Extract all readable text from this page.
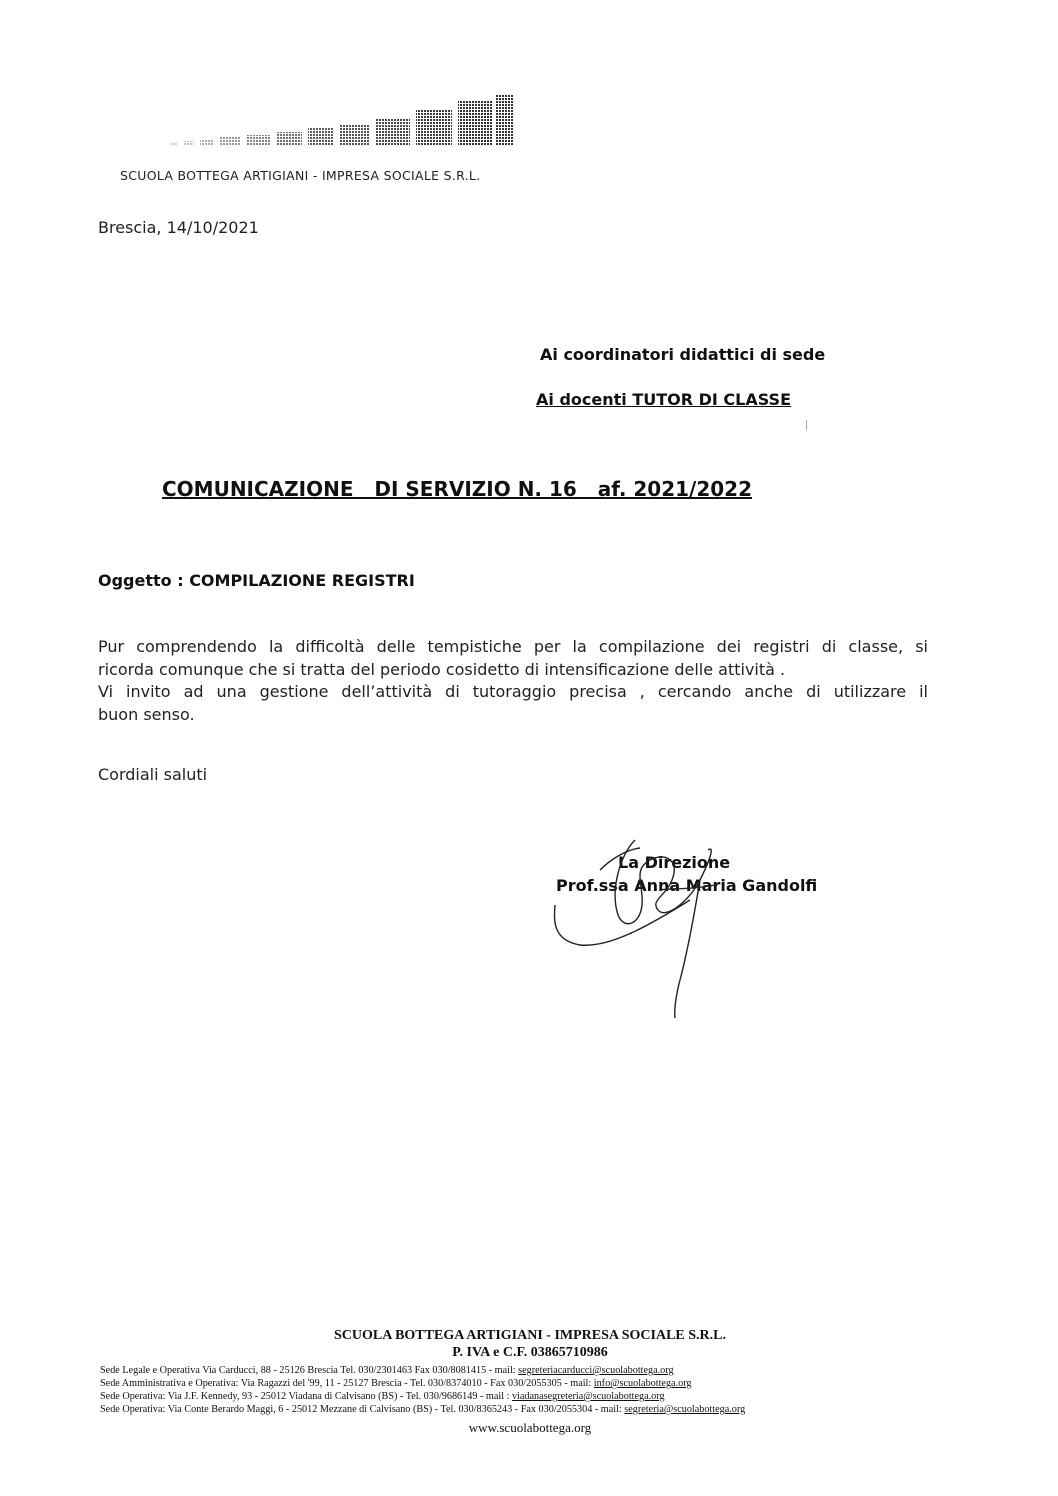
SCUOLA BOTTEGA ARTIGIANI - IMPRESA SOCIALE S.R.L.
Brescia, 14/10/2021
Ai coordinatori didattici di sede
Ai docenti TUTOR DI CLASSE
COMUNICAZIONE   DI SERVIZIO N. 16   af. 2021/2022
Oggetto : COMPILAZIONE REGISTRI

Pur comprendendo la difficoltà delle tempistiche per la compilazione dei registri di classe, si

ricorda comunque che si tratta del periodo cosidetto di intensificazione delle attività .

Vi invito ad una gestione dell’attività di tutoraggio precisa , cercando anche di utilizzare il

buon senso.

Cordiali saluti
La Direzione
Prof.ssa Anna Maria Gandolfi
SCUOLA BOTTEGA ARTIGIANI - IMPRESA SOCIALE S.R.L.
P. IVA e C.F. 03865710986
Sede Legale e Operativa Via Carducci, 88 - 25126 Brescia Tel. 030/2301463 Fax 030/8081415 - mail: segreteriacarducci@scuolabottega.org
Sede Amministrativa e Operativa: Via Ragazzi del '99, 11 - 25127 Brescia - Tel. 030/8374010 - Fax 030/2055305 - mail: info@scuolabottega.org
Sede Operativa: Via J.F. Kennedy, 93 - 25012 Viadana di Calvisano (BS) - Tel. 030/9686149 - mail : viadanasegreteria@scuolabottega.org
Sede Operativa: Via Conte Berardo Maggi, 6 - 25012 Mezzane di Calvisano (BS) - Tel. 030/8365243 - Fax 030/2055304 - mail: segreteria@scuolabottega.org
www.scuolabottega.org
